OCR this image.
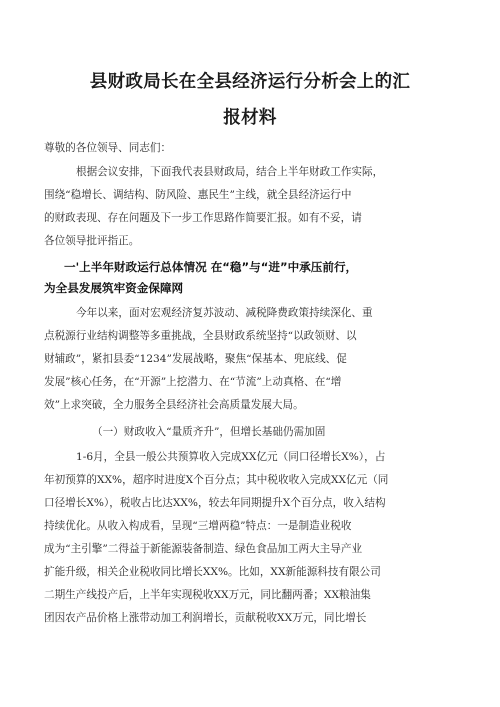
县财政局长在全县经济运行分析会上的汇
报材料
尊敬的各位领导、同志们：
根据会议安排，下面我代表县财政局，结合上半年财政工作实际，
围绕“稳增长、调结构、防风险、惠民生”主线，就全县经济运行中
的财政表现、存在问题及下一步工作思路作简要汇报。如有不妥，请
各位领导批评指正。
一'上半年财政运行总体情况 在“稳”与“进”中承压前行，
为全县发展筑牢资金保障网
今年以来，面对宏观经济复苏波动、减税降费政策持续深化、重
点税源行业结构调整等多重挑战，全县财政系统坚持“以政领财、以
财辅政”，紧扣县委“1234”发展战略，聚焦“保基本、兜底线、促
发展”核心任务，在“开源”上挖潜力、在“节流”上动真格、在“增
效”上求突破，全力服务全县经济社会高质量发展大局。
（一）财政收入“量质齐升”，但增长基础仍需加固
1-6月，全县一般公共预算收入完成XX亿元（同口径增长X%），占
年初预算的XX%，超序时进度X个百分点；其中税收收入完成XX亿元（同
口径增长X%），税收占比达XX%，较去年同期提升X个百分点，收入结构
持续优化。从收入构成看，呈现“三增两稳”特点：一是制造业税收
成为“主引擎”二得益于新能源装备制造、绿色食品加工两大主导产业
扩能升级，相关企业税收同比增长XX%。比如，XX新能源科技有限公司
二期生产线投产后，上半年实现税收XX万元，同比翻两番；XX粮油集
团因农产品价格上涨带动加工利润增长，贡献税收XX万元，同比增长
